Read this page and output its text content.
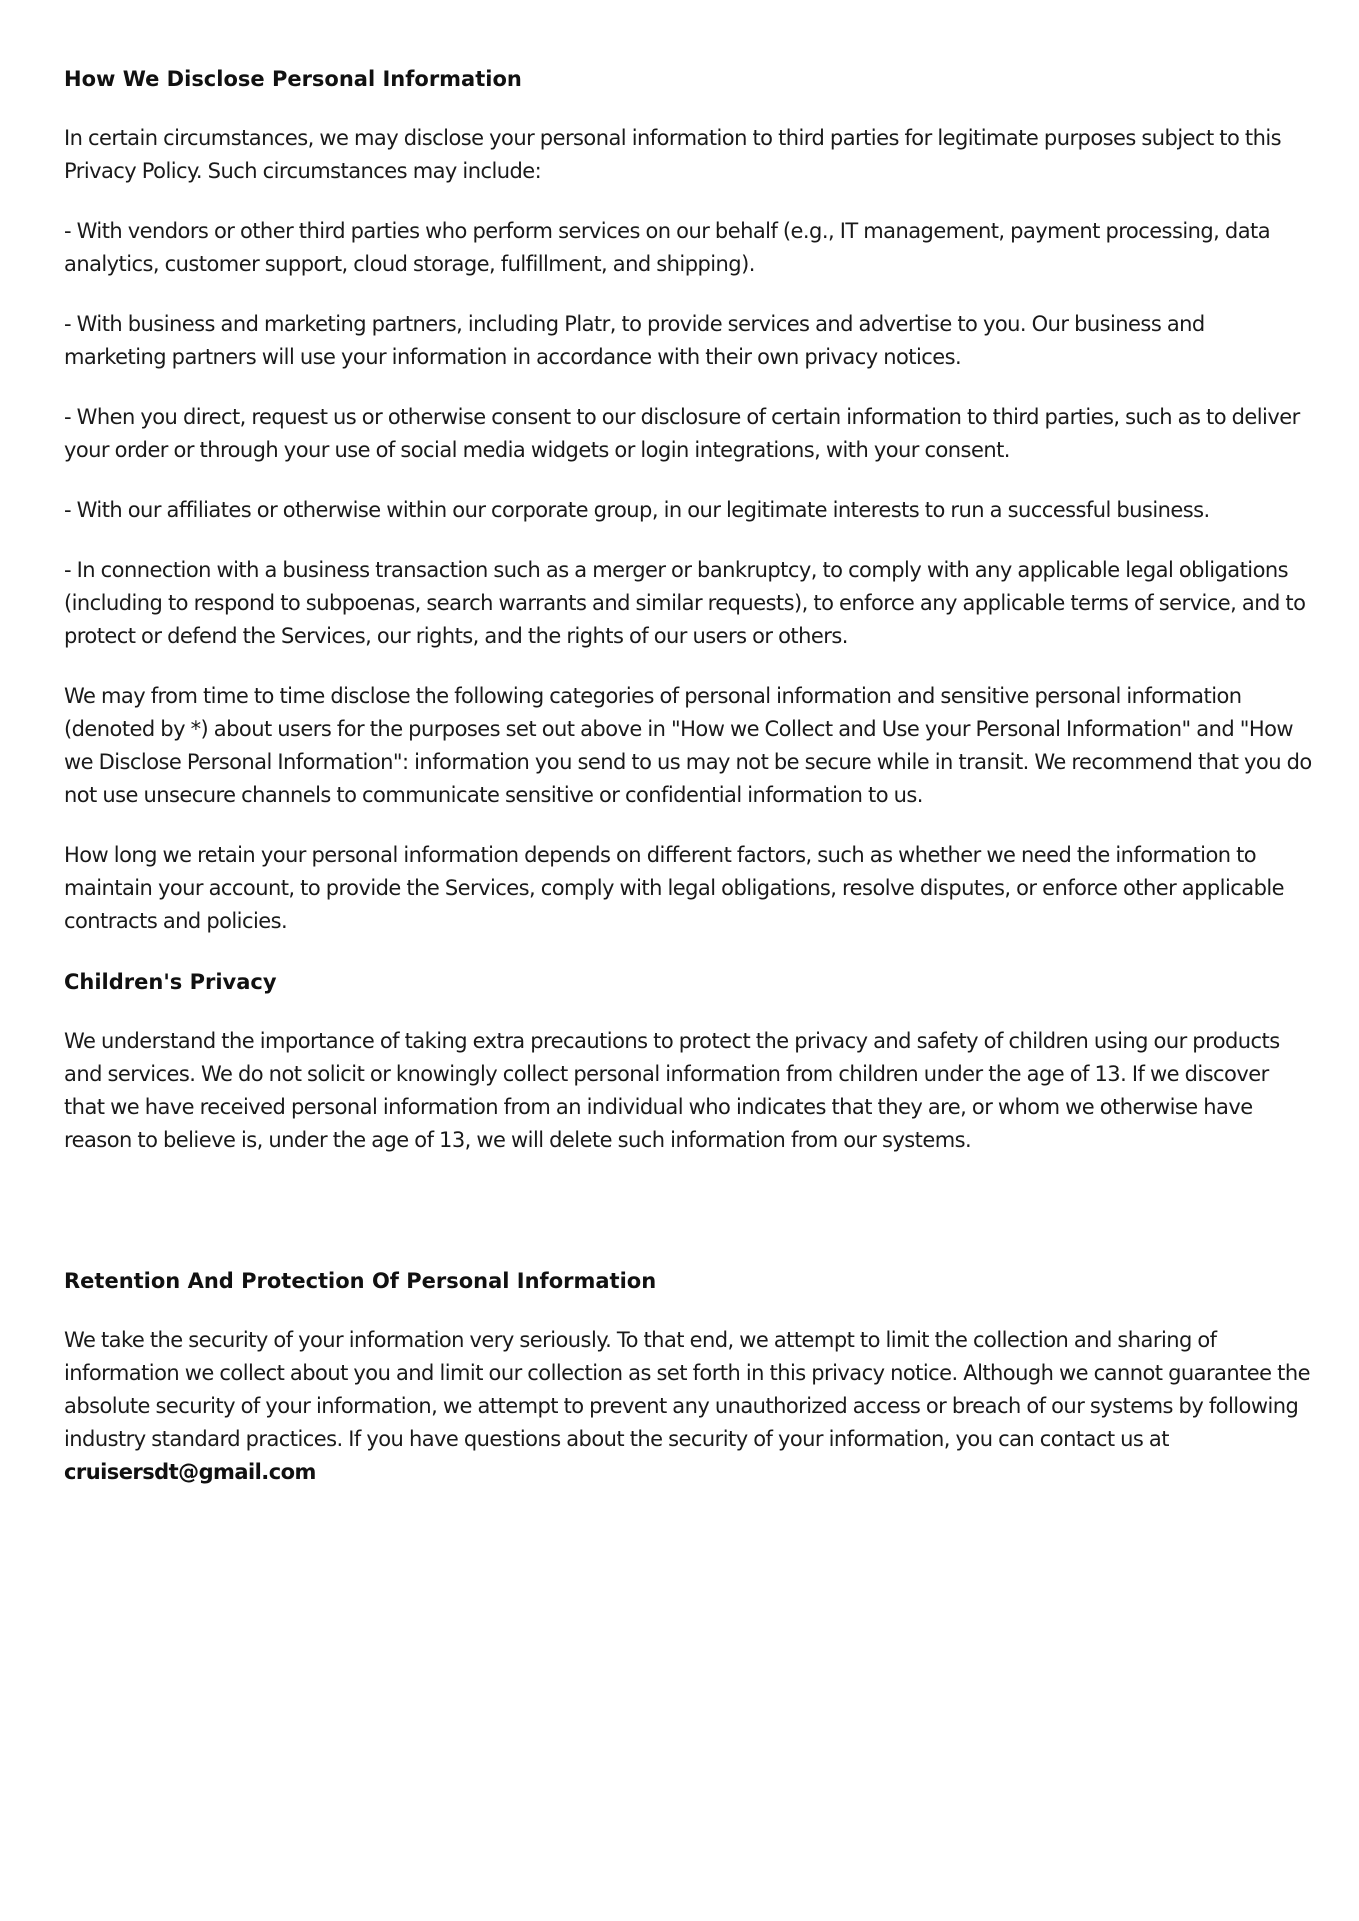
How We Disclose Personal Information

In certain circumstances, we may disclose your personal information to third parties for legitimate purposes subject to this Privacy Policy. Such circumstances may include:

- With vendors or other third parties who perform services on our behalf (e.g., IT management, payment processing, data analytics, customer support, cloud storage, fulfillment, and shipping).

- With business and marketing partners, including Platr, to provide services and advertise to you. Our business and marketing partners will use your information in accordance with their own privacy notices.

- When you direct, request us or otherwise consent to our disclosure of certain information to third parties, such as to deliver your order or through your use of social media widgets or login integrations, with your consent.

- With our affiliates or otherwise within our corporate group, in our legitimate interests to run a successful business.

- In connection with a business transaction such as a merger or bankruptcy, to comply with any applicable legal obligations (including to respond to subpoenas, search warrants and similar requests), to enforce any applicable terms of service, and to protect or defend the Services, our rights, and the rights of our users or others.

We may from time to time disclose the following categories of personal information and sensitive personal information (denoted by *) about users for the purposes set out above in "How we Collect and Use your Personal Information" and "How we Disclose Personal Information": information you send to us may not be secure while in transit. We recommend that you do not use unsecure channels to communicate sensitive or confidential information to us.

How long we retain your personal information depends on different factors, such as whether we need the information to maintain your account, to provide the Services, comply with legal obligations, resolve disputes, or enforce other applicable contracts and policies.

Children's Privacy

We understand the importance of taking extra precautions to protect the privacy and safety of children using our products and services. We do not solicit or knowingly collect personal information from children under the age of 13. If we discover that we have received personal information from an individual who indicates that they are, or whom we otherwise have reason to believe is, under the age of 13, we will delete such information from our systems.

Retention And Protection Of Personal Information

We take the security of your information very seriously. To that end, we attempt to limit the collection and sharing of information we collect about you and limit our collection as set forth in this privacy notice. Although we cannot guarantee the absolute security of your information, we attempt to prevent any unauthorized access or breach of our systems by following industry standard practices. If you have questions about the security of your information, you can contact us at cruisersdt@gmail.com
